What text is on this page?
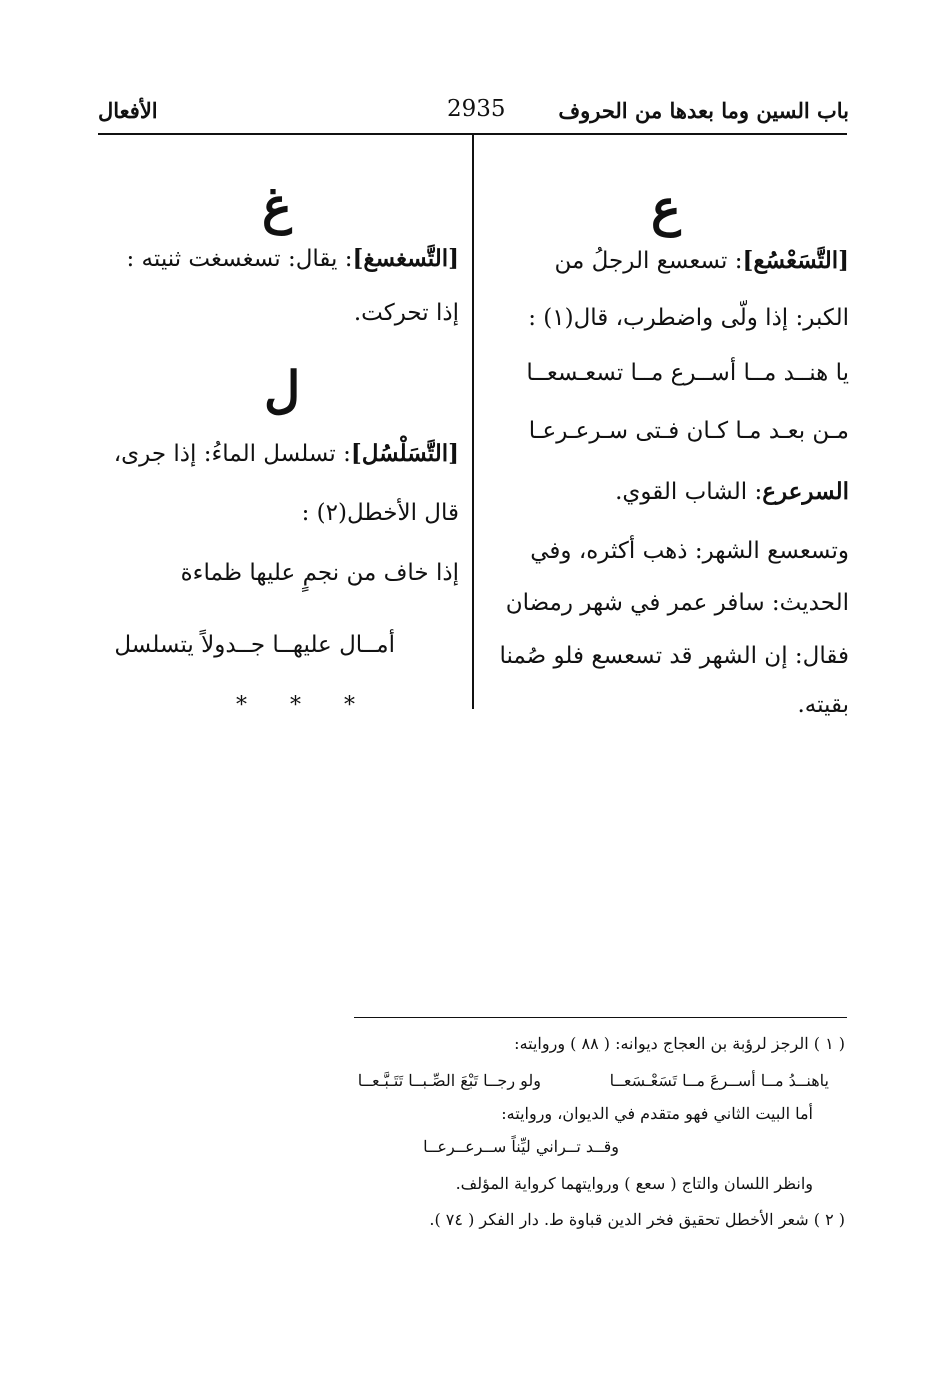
باب السين وما بعدها من الحروف
2935
الأفعال
ع
[التَّسَعْسُع]: تسعسع الرجلُ من
الكبر: إذا ولّى واضطرب، قال(١) :
يا هنــد مــا أســرع مــا تسعـسعــا
مـن بعـد مـا كـان فـتى سـرعـرعـا
السرعرع: الشاب القوي.
وتسعسع الشهر: ذهب أكثره، وفي
الحديث: سافر عمر في شهر رمضان
فقال: إن الشهر قد تسعسع فلو صُمنا
بقيته.
غ
[التَّسغسغ]: يقال: تسغسغت ثنيته :
إذا تحركت.
ل
[التَّسَلْسُل]: تسلسل الماءُ: إذا جرى،
قال الأخطل(٢) :
إذا خاف من نجمٍ عليها ظماءة
أمــال عليهــا جــدولاً يتسلسل
* * *
( ١ ) الرجز لرؤبة بن العجاج ديوانه: ( ٨٨ ) وروايته:
ياهنــدُ مــا أســرعَ مــا تَسَعْـسَعــا
ولو رجــا تَبْعَ الصِّـبــا تَتَـبَّـعــا
أما البيت الثاني فهو متقدم في الديوان، وروايته:
وقــد تــراني ليِّناً ســرعــرعــا
وانظر اللسان والتاج ( سعع ) وروايتهما كرواية المؤلف.
( ٢ ) شعر الأخطل تحقيق فخر الدين قباوة ط. دار الفكر ( ٧٤ ).
